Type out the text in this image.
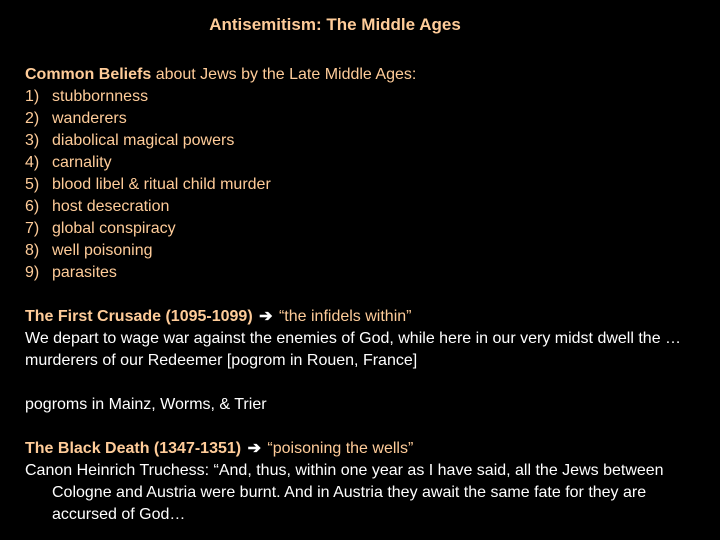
Antisemitism: The Middle Ages
Common Beliefs about Jews by the Late Middle Ages:
1) stubbornness
2) wanderers
3) diabolical magical powers
4) carnality
5) blood libel & ritual child murder
6) host desecration
7) global conspiracy
8) well poisoning
9) parasites
The First Crusade (1095-1099) ➔ “the infidels within”
We depart to wage war against the enemies of God, while here in our very midst dwell the …murderers of our Redeemer [pogrom in Rouen, France]
pogroms in Mainz, Worms, & Trier
The Black Death (1347-1351) ➔ “poisoning the wells”
Canon Heinrich Truchess: “And, thus, within one year as I have said, all the Jews between Cologne and Austria were burnt. And in Austria they await the same fate for they are accursed of God…
